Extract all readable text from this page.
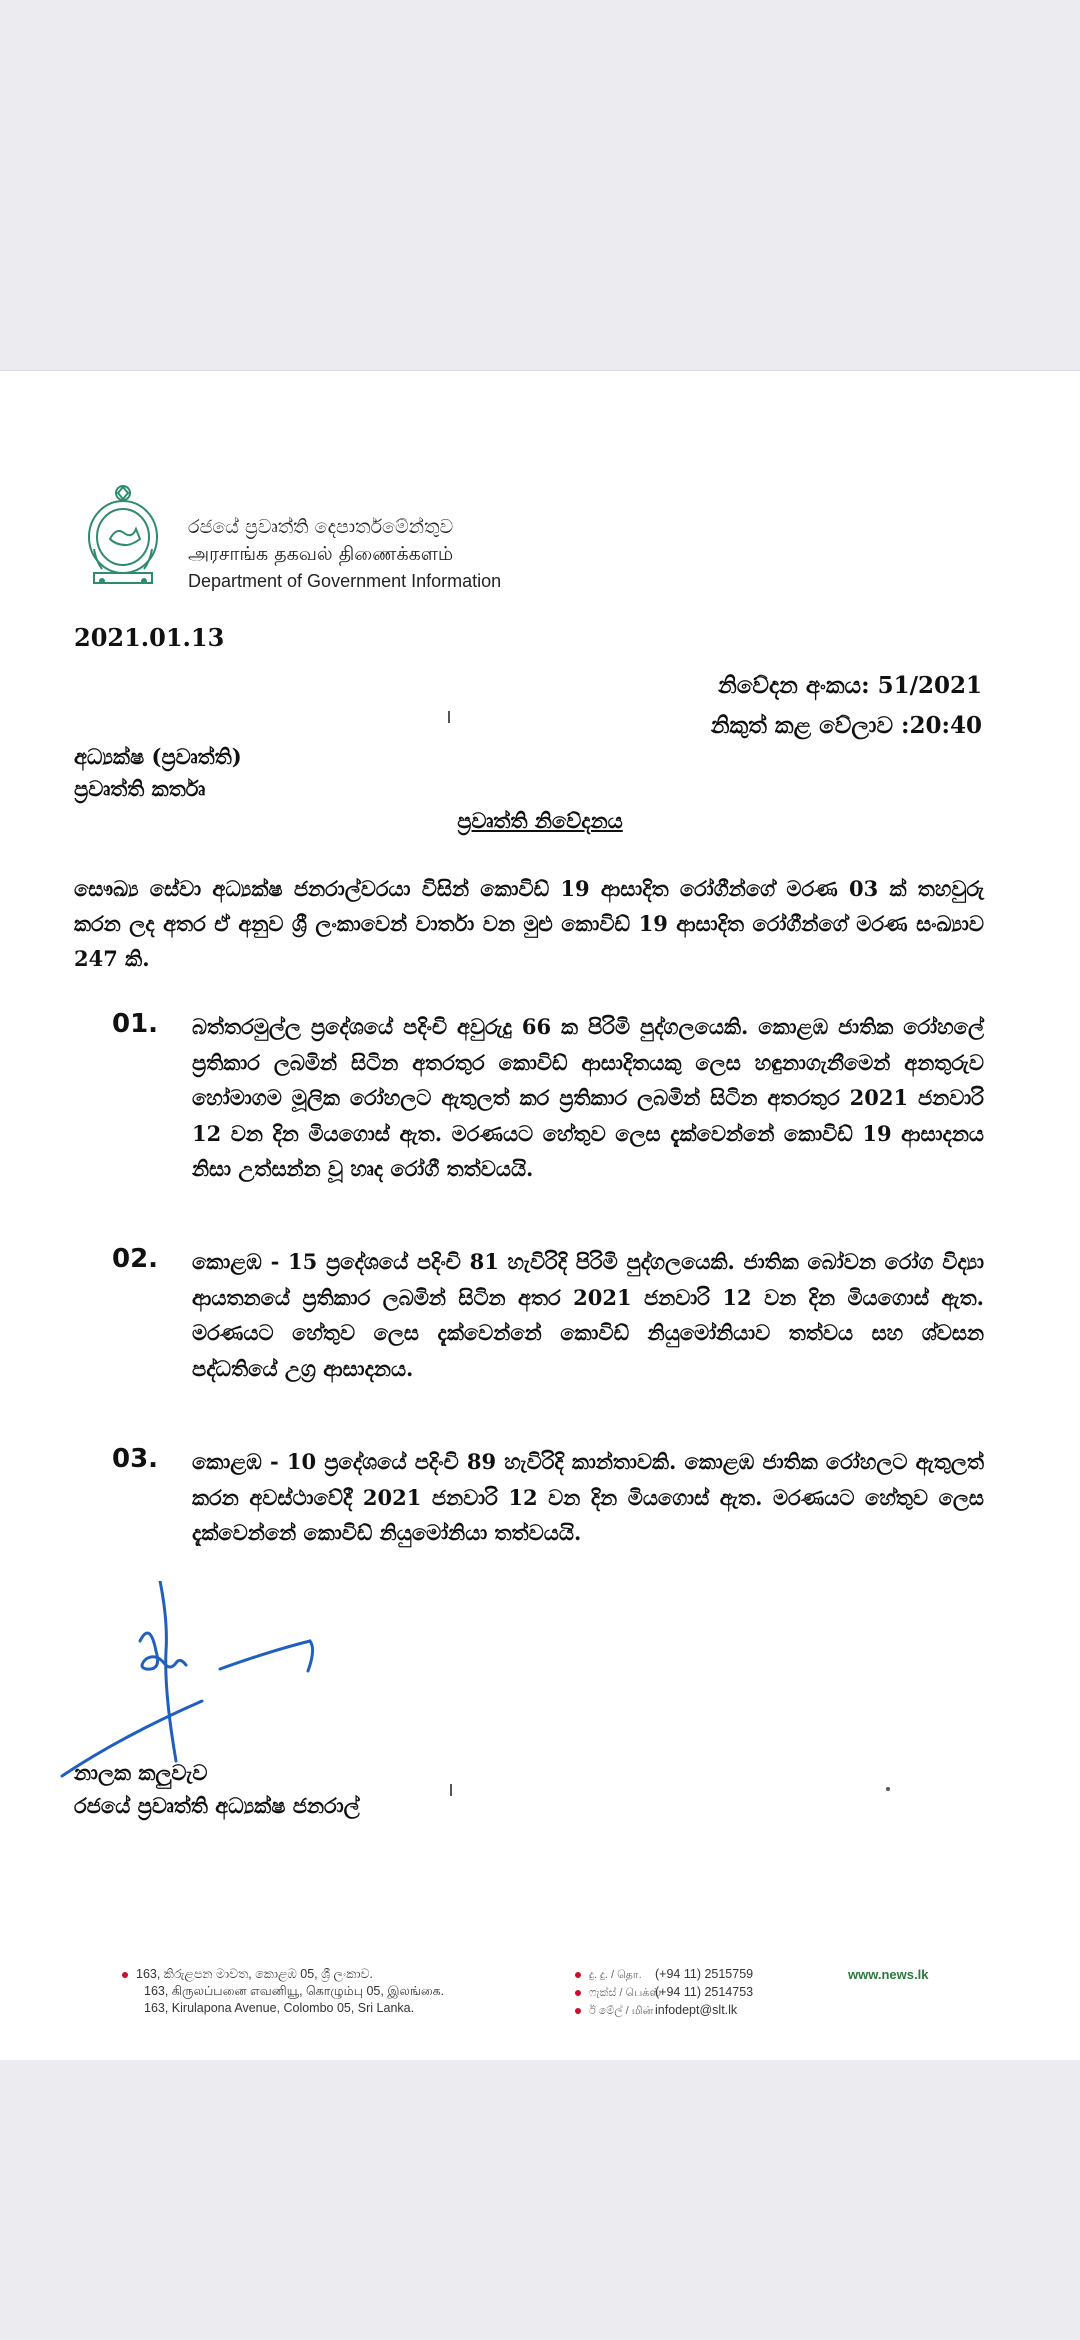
රජයේ ප්‍රවෘත්ති දෙපාර්තමේන්තුව
அரசாங்க தகவல் திணைக்களம்
Department of Government Information
2021.01.13
නිවේදන අංකය: 51/2021
නිකුත් කළ වේලාව :20:40
අධ්‍යක්ෂ (ප්‍රවෘත්ති)
ප්‍රවෘත්ති කර්තෘ
ප්‍රවෘත්ති නිවේදනය
සෞඛ්‍ය සේවා අධ්‍යක්ෂ ජනරාල්වරයා විසින් කොවිඩ් 19 ආසාදිත රෝගීන්ගේ මරණ 03 ක් තහවුරු කරන ලද අතර ඒ අනුව ශ්‍රී ලංකාවෙන් වාර්තා වන මුළු කොවිඩ් 19 ආසාදිත රෝගීන්ගේ මරණ සංඛ්‍යාව 247 කි.
01. බත්තරමුල්ල ප්‍රදේශයේ පදිංචි අවුරුදු 66 ක පිරිමි පුද්ගලයෙකි. කොළඹ ජාතික රෝහලේ ප්‍රතිකාර ලබමින් සිටින අතරතුර කොවිඩ් ආසාදිතයකු ලෙස හඳුනාගැනීමෙන් අනතුරුව හෝමාගම මූලික රෝහලට ඇතුලත් කර ප්‍රතිකාර ලබමින් සිටින අතරතුර 2021 ජනවාරි 12 වන දින මියගොස් ඇත. මරණයට හේතුව ලෙස දැක්වෙන්නේ කොවිඩ් 19 ආසාදනය නිසා උත්සන්න වූ හෘද රෝගී තත්වයයි.
02. කොළඹ - 15 ප්‍රදේශයේ පදිංචි 81 හැවිරිදි පිරිමි පුද්ගලයෙකි. ජාතික බෝවන රෝග විද්‍යා ආයතනයේ ප්‍රතිකාර ලබමින් සිටින අතර 2021 ජනවාරි 12 වන දින මියගොස් ඇත. මරණයට හේතුව ලෙස දැක්වෙන්නේ කොවිඩ් නියුමෝනියාව තත්වය සහ ශ්වසන පද්ධතියේ උග්‍ර ආසාදනය.
03. කොළඹ - 10 ප්‍රදේශයේ පදිංචි 89 හැවිරිදි කාන්තාවකි. කොළඹ ජාතික රෝහලට ඇතුලත් කරන අවස්ථාවේදී 2021 ජනවාරි 12 වන දින මියගොස් ඇත. මරණයට හේතුව ලෙස දැක්වෙන්නේ කොවිඩ් නියුමෝනියා තත්වයයි.
නාලක කලුවැව
රජයේ ප්‍රවෘත්ති අධ්‍යක්ෂ ජනරාල්
163, කිරුළපන මාවත, කොළඹ 05, ශ්‍රී ලංකාව.
163, கிருலப்பனை எவனியூ, கொழும்பு 05, இலங்கை.
163, Kirulapona Avenue, Colombo 05, Sri Lanka.
දු. දු. / தொ. (+94 11) 2515759
ෆැක්ස් / பெக்ஸ்(+94 11) 2514753
ඊ මේල් / மின் infodept@slt.lk
www.news.lk
